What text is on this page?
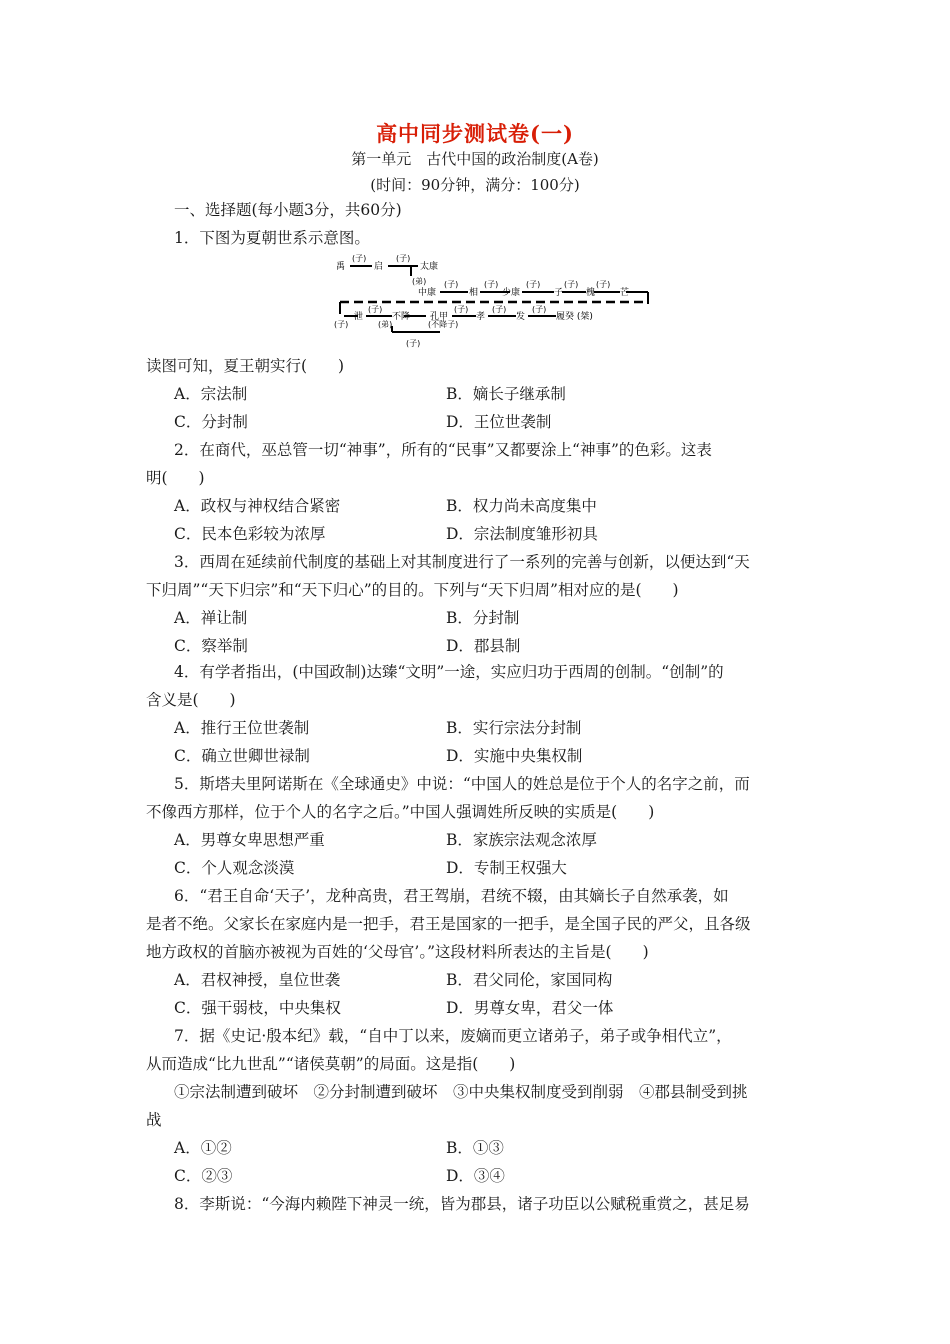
高中同步测试卷(一)
第一单元　古代中国的政治制度(A卷)
(时间：90分钟，满分：100分)
一、选择题(每小题3分，共60分)
1．下图为夏朝世系示意图。
禹	启	太康
(子)	(子)
(弟)
中康	相	少康	子	槐	芒
(子)	(子)	(子)	(子) (子)
泄	不降 孔甲	孝	发	履癸 (桀)
(子)
(子)
(弟)	(不降子)
(子)	(子)	(子)
(子)
读图可知，夏王朝实行(　　)
A．宗法制	B．嫡长子继承制
C．分封制	D．王位世袭制
2．在商代，巫总管一切“神事”，所有的“民事”又都要涂上“神事”的色彩。这表
明(　　)
A．政权与神权结合紧密	B．权力尚未高度集中
C．民本色彩较为浓厚	D．宗法制度雏形初具
3．西周在延续前代制度的基础上对其制度进行了一系列的完善与创新，以便达到“天
下归周”“天下归宗”和“天下归心”的目的。下列与“天下归周”相对应的是(　　)
A．禅让制	B．分封制
C．察举制	D．郡县制
4．有学者指出，(中国政制)达臻“文明”一途，实应归功于西周的创制。“创制”的
含义是(　　)
A．推行王位世袭制	B．实行宗法分封制
C．确立世卿世禄制	D．实施中央集权制
5．斯塔夫里阿诺斯在《全球通史》中说：“中国人的姓总是位于个人的名字之前，而
不像西方那样，位于个人的名字之后。”中国人强调姓所反映的实质是(　　)
A．男尊女卑思想严重	B．家族宗法观念浓厚
C．个人观念淡漠	D．专制王权强大
6．“君王自命‘天子’，龙种高贵，君王驾崩，君统不辍，由其嫡长子自然承袭，如
是者不绝。父家长在家庭内是一把手，君王是国家的一把手，是全国子民的严父，且各级
地方政权的首脑亦被视为百姓的‘父母官’。”这段材料所表达的主旨是(　　)
A．君权神授，皇位世袭	B．君父同伦，家国同构
C．强干弱枝，中央集权	D．男尊女卑，君父一体
7．据《史记·殷本纪》载，“自中丁以来，废嫡而更立诸弟子，弟子或争相代立”，
从而造成“比九世乱”“诸侯莫朝”的局面。这是指(　　)
①宗法制遭到破坏　②分封制遭到破坏　③中央集权制度受到削弱　④郡县制受到挑
战
A．①②	B．①③
C．②③	D．③④
8．李斯说：“今海内赖陛下神灵一统，皆为郡县，诸子功臣以公赋税重赏之，甚足易
